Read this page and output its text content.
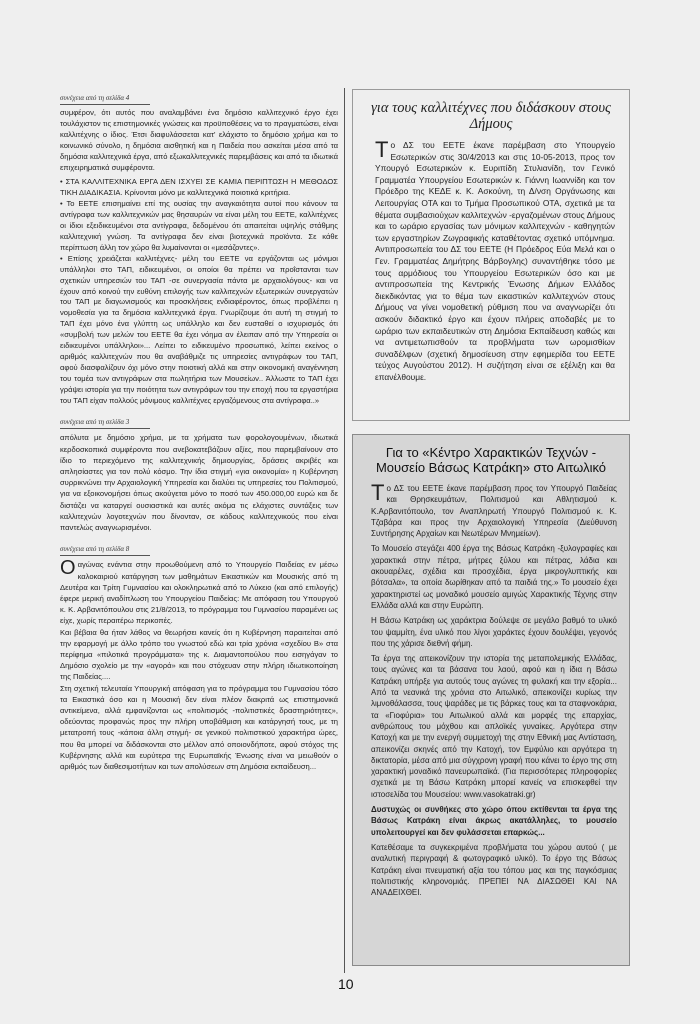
συνέχεια από τη σελίδα 4

συμφέρον, ότι αυτός που αναλαμβάνει ένα δημόσιο καλλιτεχνικό έργο έχει τουλάχιστον τις επιστημονικές γνώσεις και προϋποθέσεις να το πραγματώσει, είναι καλλιτέχνης ο ίδιος. Έτσι διαφυλάσσεται κατ' ελάχιστο το δημόσιο χρήμα και το κοινωνικό σύνολο, η δημόσια αισθητική και η Παιδεία που ασκείται μέσα από τα δημόσια καλλιτεχνικά έργα, από εξωκαλλιτεχνικές παρεμβάσεις και από τα ιδιωτικά επιχειρηματικά συμφέροντα.

• ΣΤΑ ΚΑΛΛΙΤΕΧΝΙΚΑ ΕΡΓΑ ΔΕΝ ΙΣΧΥΕΙ ΣΕ ΚΑΜΙΑ ΠΕΡΙΠΤΩΣΗ Η ΜΕΘΟΔΟΣ ΤΙΚΗ ΔΙΑΔΙΚΑΣΙΑ. Κρίνονται μόνο με καλλιτεχνικά ποιοτικά κριτήρια.

• Το ΕΕΤΕ επισημαίνει επί της ουσίας την αναγκαιότητα αυτοί που κάνουν τα αντίγραφα των καλλιτεχνικών μας θησαυρών να είναι μέλη του ΕΕΤΕ, καλλιτέχνες οι ίδιοι εξειδικευμένοι στα αντίγραφα, δεδομένου ότι απαιτείται υψηλής στάθμης καλλιτεχνική γνώση. Τα αντίγραφα δεν είναι βιοτεχνικά προϊόντα. Σε κάθε περίπτωση άλλη τον χώρο θα λυμαίνονται οι «μεσάζοντες».

• Επίσης χρειάζεται καλλιτέχνες- μέλη του ΕΕΤΕ να εργάζονται ως μόνιμοι υπάλληλοι στο ΤΑΠ, ειδικευμένοι, οι οποίοι θα πρέπει να προΐστανται των σχετικών υπηρεσιών του ΤΑΠ -σε συνεργασία πάντα με αρχαιολόγους- και να έχουν από κοινού την ευθύνη επιλογής των καλλιτεχνών εξωτερικών συνεργατών του ΤΑΠ με διαγωνισμούς και προσκλήσεις ενδιαφέροντος, όπως προβλέπει η νομοθεσία για τα δημόσια καλλιτεχνικά έργα. Γνωρίζουμε ότι αυτή τη στιγμή το ΤΑΠ έχει μόνο ένα γλύπτη ως υπάλληλο και δεν ευσταθεί ο ισχυρισμός ότι «συμβολή των μελών του ΕΕΤΕ θα έχει νόημα αν έλειπαν από την Υπηρεσία οι ειδικευμένοι υπάλληλοι»... Λείπει το ειδικευμένο προσωπικό, λείπει εκείνος ο αριθμός καλλιτεχνών που θα αναβάθμιζε τις υπηρεσίες αντιγράφων του ΤΑΠ, αφού διασφαλίζουν όχι μόνο στην ποιοτική αλλά και στην οικονομική αναγέννηση του τομέα των αντιγράφων στα πωλητήρια των Μουσείων.. Άλλωστε το ΤΑΠ έχει γράψει ιστορία για την ποιότητα των αντιγράφων του την εποχή που τα εργαστήρια του ΤΑΠ είχαν πολλούς μόνιμους καλλιτέχνες εργαζόμενους στα αντίγραφα..»

συνέχεια από τη σελίδα 3

απόλυτα με δημόσιο χρήμα, με τα χρήματα των φορολογουμένων, ιδιωτικά κερδοσκοπικά συμφέροντα που ανεβοκατεβάζουν αξίες, που παρεμβαίνουν στο ίδιο το περιεχόμενο της καλλιτεχνικής δημιουργίας, δράσεις ακριβές και απλησίαστες για τον πολύ κόσμο. Την ίδια στιγμή «για οικονομία» η Κυβέρνηση συρρικνώνει την Αρχαιολογική Υπηρεσία και διαλύει τις υπηρεσίες του Πολιτισμού, για να εξοικονομήσει όπως ακούγεται μόνο το ποσό των 450.000,00 ευρώ και δε διστάζει να καταργεί ουσιαστικά και αυτές ακόμα τις ελάχιστες συντάξεις των καλλιτεχνών λογοτεχνών που δίνονταν, σε κάδους καλλιτεχνικούς που είναι παντελώς αναγνωρισμένοι.

συνέχεια από τη σελίδα 8

Οαγώνας ενάντια στην προωθούμενη από το Υπουργείο Παιδείας εν μέσω καλοκαιριού κατάργηση των μαθημάτων Εικαστικών και Μουσικής από τη Δευτέρα και Τρίτη Γυμνασίου και ολοκληρωτικά από το Λύκειο (και από επιλογής) έφερε μερική αναδίπλωση του Υπουργείου Παιδείας: Με απόφαση του Υπουργού κ. Κ. Αρβανιτόπουλου στις 21/8/2013, το πρόγραμμα του Γυμνασίου παραμένει ως είχε, χωρίς περαιτέρω περικοπές.

Και βέβαια θα ήταν λάθος να θεωρήσει κανείς ότι η Κυβέρνηση παραιτείται από την εφαρμογή με άλλο τρόπο του γνωστού εδώ και τρία χρόνια «σχεδίου Β» στα περίφημα «πιλοτικά προγράμματα» της κ. Διαμαντοπούλου που εισηγάγαν το Δημόσιο σχολείο με την «αγορά» και που στόχευαν στην πλήρη ιδιωτικοποίηση της Παιδείας....

Στη σχετική τελευταία Υπουργική απόφαση για το πρόγραμμα του Γυμνασίου τόσο τα Εικαστικά όσο και η Μουσική δεν είναι πλέον διακριτά ως επιστημονικά αντικείμενα, αλλά εμφανίζονται ως «πολιτισμός -πολιτιστικές δραστηριότητες», οδεύοντας προφανώς προς την πλήρη υποβάθμιση και κατάργησή τους, με τη μετατροπή τους -κάποια άλλη στιγμή- σε γενικού πολιτιστικού χαρακτήρα ώρες, που θα μπορεί να διδάσκονται στο μέλλον από οποιονδήποτε, αφού στόχος της Κυβέρνησης αλλά και ευρύτερα της Ευρωπαϊκής Ένωσης είναι να μειωθούν ο αριθμός των διαθεσιμοτήτων και των απολύσεων στη Δημόσια εκπαίδευση...

για τους καλλιτέχνες που διδάσκουν στους Δήμους
Το ΔΣ του ΕΕΤΕ έκανε παρέμβαση στο Υπουργείο Εσωτερικών στις 30/4/2013 και στις 10-05-2013, προς τον Υπουργό Εσωτερικών κ. Ευριπίδη Στυλιανίδη, τον Γενικό Γραμματέα Υπουργείου Εσωτερικών κ. Γιάννη Ιωαννίδη και τον Πρόεδρο της ΚΕΔΕ κ. Κ. Ασκούνη, τη Δ/νση Οργάνωσης και Λειτουργίας ΟΤΑ και το Τμήμα Προσωπικού ΟΤΑ, σχετικά με τα θέματα συμβασιούχων καλλιτεχνών -εργαζομένων στους Δήμους και το ωράριο εργασίας των μόνιμων καλλιτεχνών - καθηγητών των εργαστηρίων Ζωγραφικής καταθέτοντας σχετικό υπόμνημα. Αντιπροσωπεία του ΔΣ του ΕΕΤΕ (Η Πρόεδρος Εύα Μελά και ο Γεν. Γραμματέας Δημήτρης Βάρβογλης) συναντήθηκε τόσο με τους αρμόδιους του Υπουργείου Εσωτερικών όσο και με αντιπροσωπεία της Κεντρικής Ένωσης Δήμων Ελλάδος διεκδικόντας για το θέμα των εικαστικών καλλιτεχνών στους Δήμους να γίνει νομοθετική ρύθμιση που να αναγνωρίζει ότι ασκούν διδακτικό έργο και έχουν πλήρεις αποδαβές με το ωράριο των εκπαιδευτικών στη Δημόσια Εκπαίδευση καθώς και να αντιμετωπισθούν τα προβλήματα των ωρομισθίων συναδέλφων (σχετική δημοσίευση στην εφημερίδα του ΕΕΤΕ τεύχος Αυγούστου 2012). Η συζήτηση είναι σε εξέλιξη και θα επανέλθουμε.
Για το «Κέντρο Χαρακτικών Τεχνών - Μουσείο Βάσως Κατράκη» στο Αιτωλικό

Το ΔΣ του ΕΕΤΕ έκανε παρέμβαση προς τον Υπουργό Παιδείας και Θρησκευμάτων, Πολιτισμού και Αθλητισμού κ. Κ.Αρβανιτόπουλο, τον Αναπληρωτή Υπουργό Πολιτισμού κ. Κ. Τζαβάρα και προς την Αρχαιολογική Υπηρεσία (Διεύθυνση Συντήρησης Αρχαίων και Νεωτέρων Μνημείων).

Το Μουσείο στεγάζει 400 έργα της Βάσως Κατράκη -ξυλογραφίες και χαρακτικά στην πέτρα, μήτρες ξύλου και πέτρας, λάδια και ακουαρέλες, σχέδια και προσχέδια, έργα μικρογλυπτικής και βότσαλα», τα οποία δωρίθηκαν από τα παιδιά της.» Το μουσείο έχει χαρακτηριστεί ως μοναδικό μουσείο αμιγώς Χαρακτικής Τέχνης στην Ελλάδα αλλά και στην Ευρώπη.

Η Βάσω Κατράκη ως χαράκτρια δούλεψε σε μεγάλο βαθμό το υλικό του ψαμμίτη, ένα υλικό που λίγοι χαράκτες έχουν δουλέψει, γεγονός που της χάρισε διεθνή φήμη.

Τα έργα της απεικονίζουν την ιστορία της μεταπολεμικής Ελλάδας, τους αγώνες και τα βάσανα του λαού, αφού και η ίδια η Βάσω Κατράκη υπήρξε για αυτούς τους αγώνες τη φυλακή και την εξορία... Από τα νεανικά της χρόνια στο Αιτωλικό, απεικονίζει κυρίως την λιμνοθάλασσα, τους ψαράδες με τις βάρκες τους και τα σταφνοκάρια, τα «Γιοφύρια» του Αιτωλικού αλλά και μορφές της επαρχίας, ανθρώπους του μόχθου και απλοϊκές γυναίκες. Αργότερα στην Κατοχή και με την ενεργή συμμετοχή της στην Εθνική μας Αντίσταση, απεικονίζει σκηνές από την Κατοχή, τον Εμφύλιο και αργότερα τη δικτατορία, μέσα από μια σύγχρονη γραφή που κάνει το έργο της στη χαρακτική μοναδικό πανευρωπαϊκά. (Για περισσότερες πληροφορίες σχετικά με τη Βάσω Κατράκη μπορεί κανείς να επισκεφθεί την ιστοσελίδα του Μουσείου: www.vasokatraki.gr)

Δυστυχώς οι συνθήκες στο χώρο όπου εκτίθενται τα έργα της Βάσως Κατράκη είναι άκρως ακατάλληλες, το μουσείο υπολειτουργεί και δεν φυλάσσεται επαρκώς...

Κατεθέσαμε τα συγκεκριμένα προβλήματα του χώρου αυτού ( με αναλυτική περιγραφή & φωτογραφικό υλικό). Το έργο της Βάσως Κατράκη είναι πνευματική αξία του τόπου μας και της παγκόσμιας πολιτιστικής κληρονομιάς. ΠΡΕΠΕΙ ΝΑ ΔΙΑΣΩΘΕΙ ΚΑΙ ΝΑ ΑΝΑΔΕΙΧΘΕΙ.

10
